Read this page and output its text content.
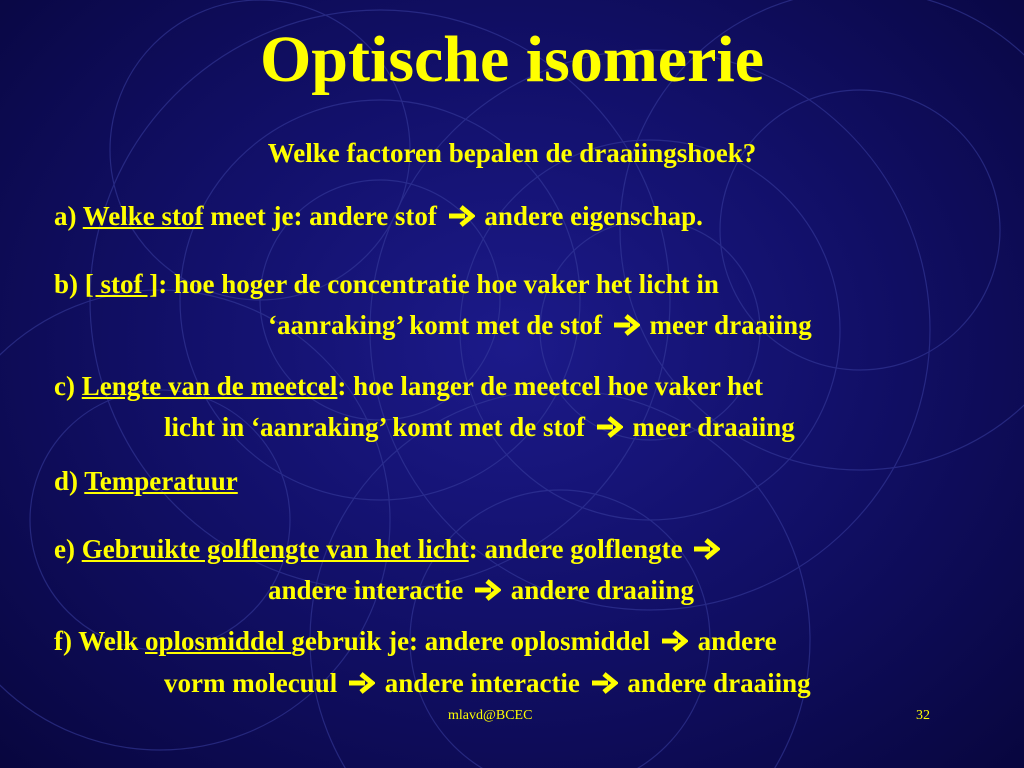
Optische isomerie
Welke factoren bepalen de draaiingshoek?
a) Welke stof meet je: andere stof  andere eigenschap.
b) [ stof ]: hoe hoger de concentratie hoe vaker het licht in
‘aanraking’ komt met de stof  meer draaiing
c) Lengte van de meetcel: hoe langer de meetcel hoe vaker het
licht in ‘aanraking’ komt met de stof  meer draaiing
d) Temperatuur
e) Gebruikte golflengte van het licht: andere golflengte
andere interactie  andere draaiing
f) Welk oplosmiddel gebruik je: andere oplosmiddel  andere
vorm molecuul  andere interactie  andere draaiing
mlavd@BCEC	32
